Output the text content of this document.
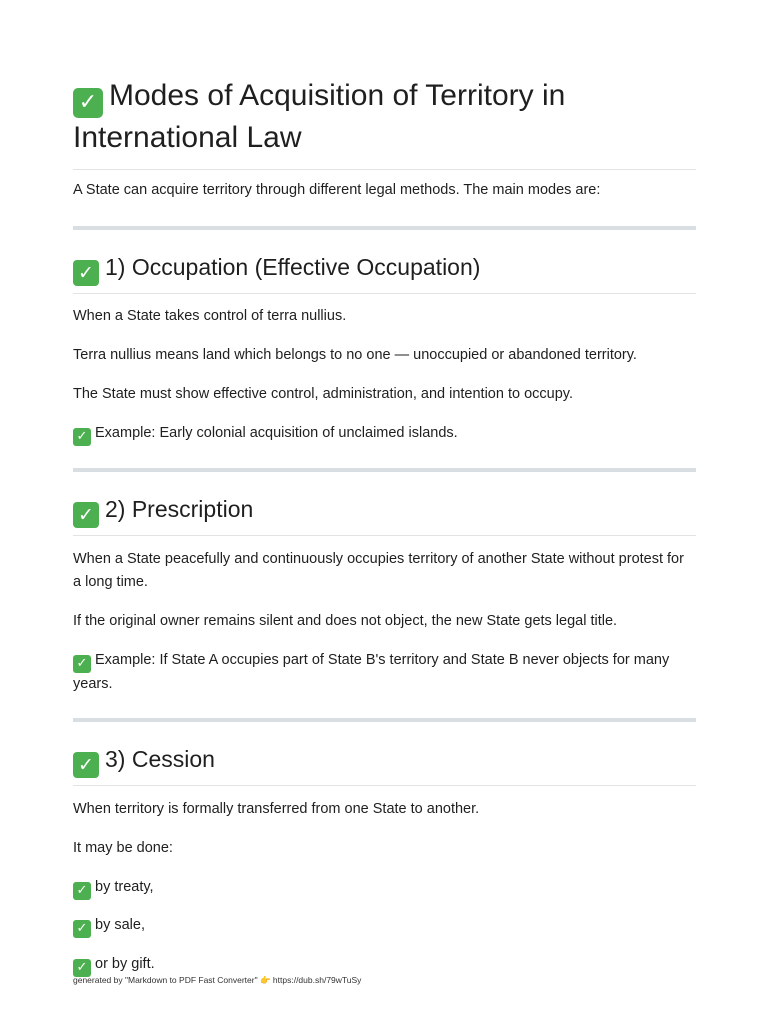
✓ Modes of Acquisition of Territory in International Law

A State can acquire territory through different legal methods. The main modes are:

✓ 1) Occupation (Effective Occupation)

When a State takes control of terra nullius.

Terra nullius means land which belongs to no one — unoccupied or abandoned territory.

The State must show effective control, administration, and intention to occupy.

✓ Example: Early colonial acquisition of unclaimed islands.

✓ 2) Prescription

When a State peacefully and continuously occupies territory of another State without protest for a long time.

If the original owner remains silent and does not object, the new State gets legal title.

✓ Example: If State A occupies part of State B's territory and State B never objects for many years.

✓ 3) Cession

When territory is formally transferred from one State to another.

It may be done:

✓ by treaty,

✓ by sale,

✓ or by gift.

generated by "Markdown to PDF Fast Converter" 👉 https://dub.sh/79wTuSy
